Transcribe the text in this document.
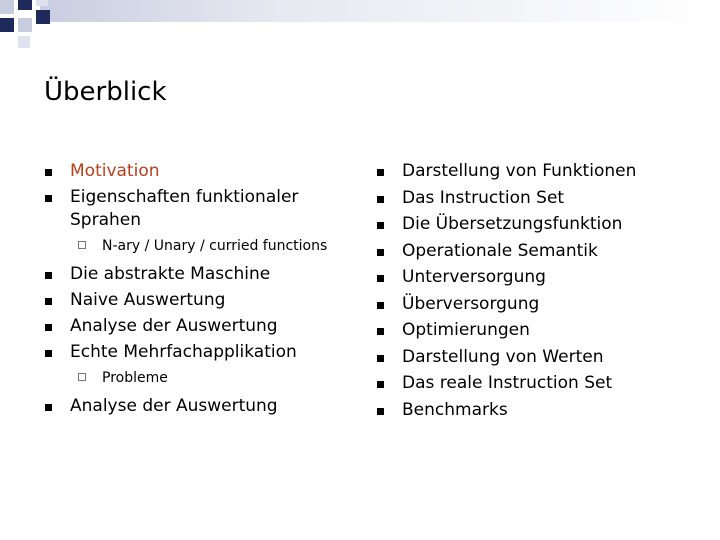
Überblick
Motivation
Eigenschaften funktionaler Sprahen
N-ary / Unary / curried functions
Die abstrakte Maschine
Naive Auswertung
Analyse der Auswertung
Echte Mehrfachapplikation
Probleme
Analyse der Auswertung
Darstellung von Funktionen
Das Instruction Set
Die Übersetzungsfunktion
Operationale Semantik
Unterversorgung
Überversorgung
Optimierungen
Darstellung von Werten
Das reale Instruction Set
Benchmarks
